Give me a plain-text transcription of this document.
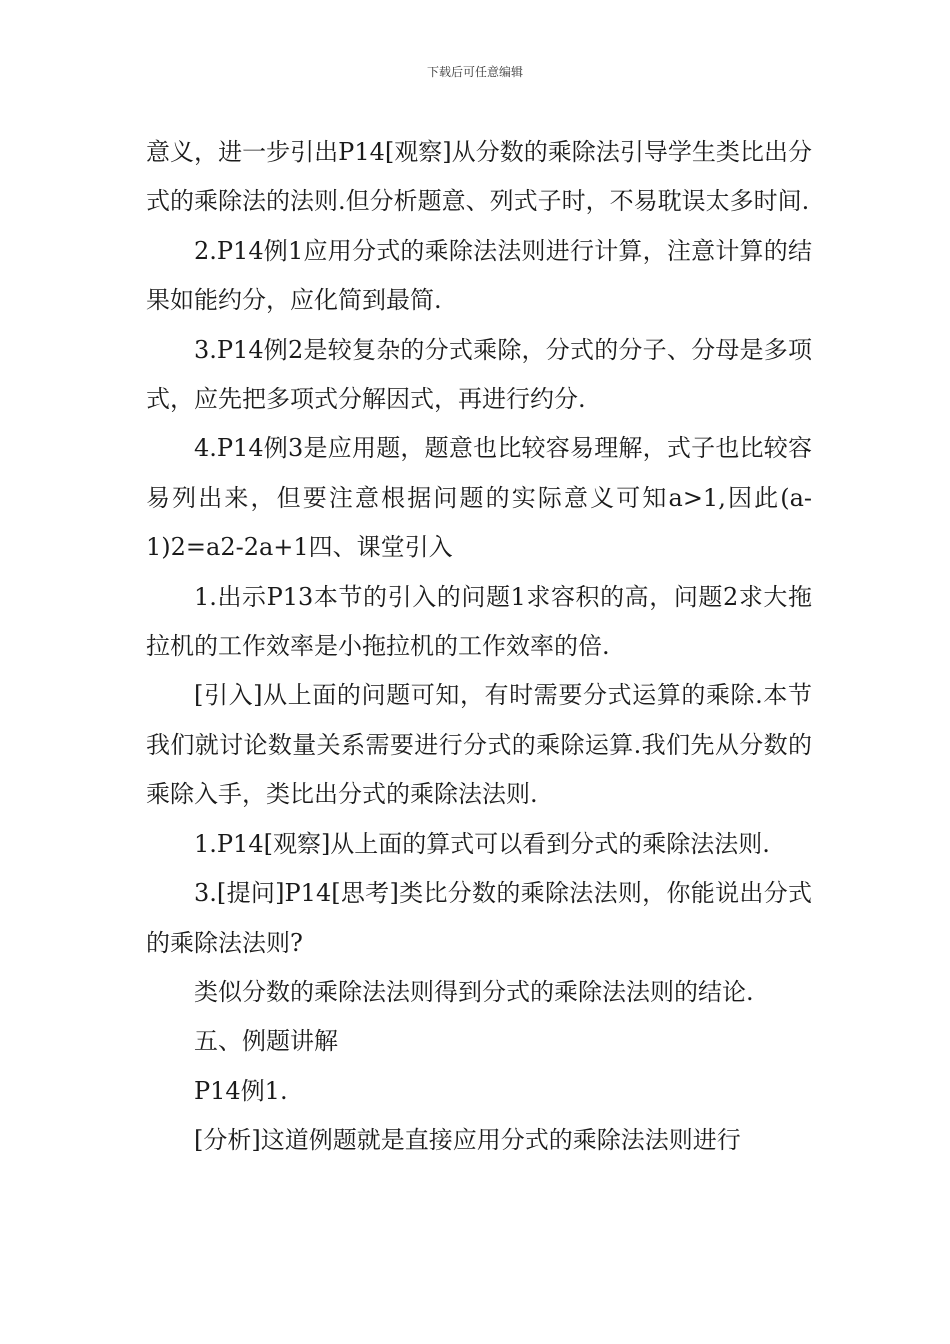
下载后可任意编辑

意义，进一步引出P14[观察]从分数的乘除法引导学生类比出分式的乘除法的法则.但分析题意、列式子时，不易耽误太多时间.

2.P14例1应用分式的乘除法法则进行计算，注意计算的结果如能约分，应化简到最简.

3.P14例2是较复杂的分式乘除，分式的分子、分母是多项式，应先把多项式分解因式，再进行约分.

4.P14例3是应用题，题意也比较容易理解，式子也比较容易列出来，但要注意根据问题的实际意义可知a>1,因此(a-1)2=a2-2a+1四、课堂引入

1.出示P13本节的引入的问题1求容积的高，问题2求大拖拉机的工作效率是小拖拉机的工作效率的倍.

[引入]从上面的问题可知，有时需要分式运算的乘除.本节我们就讨论数量关系需要进行分式的乘除运算.我们先从分数的乘除入手，类比出分式的乘除法法则.

1.P14[观察]从上面的算式可以看到分式的乘除法法则.

3.[提问]P14[思考]类比分数的乘除法法则，你能说出分式的乘除法法则?

类似分数的乘除法法则得到分式的乘除法法则的结论.

五、例题讲解

P14例1.

[分析]这道例题就是直接应用分式的乘除法法则进行
